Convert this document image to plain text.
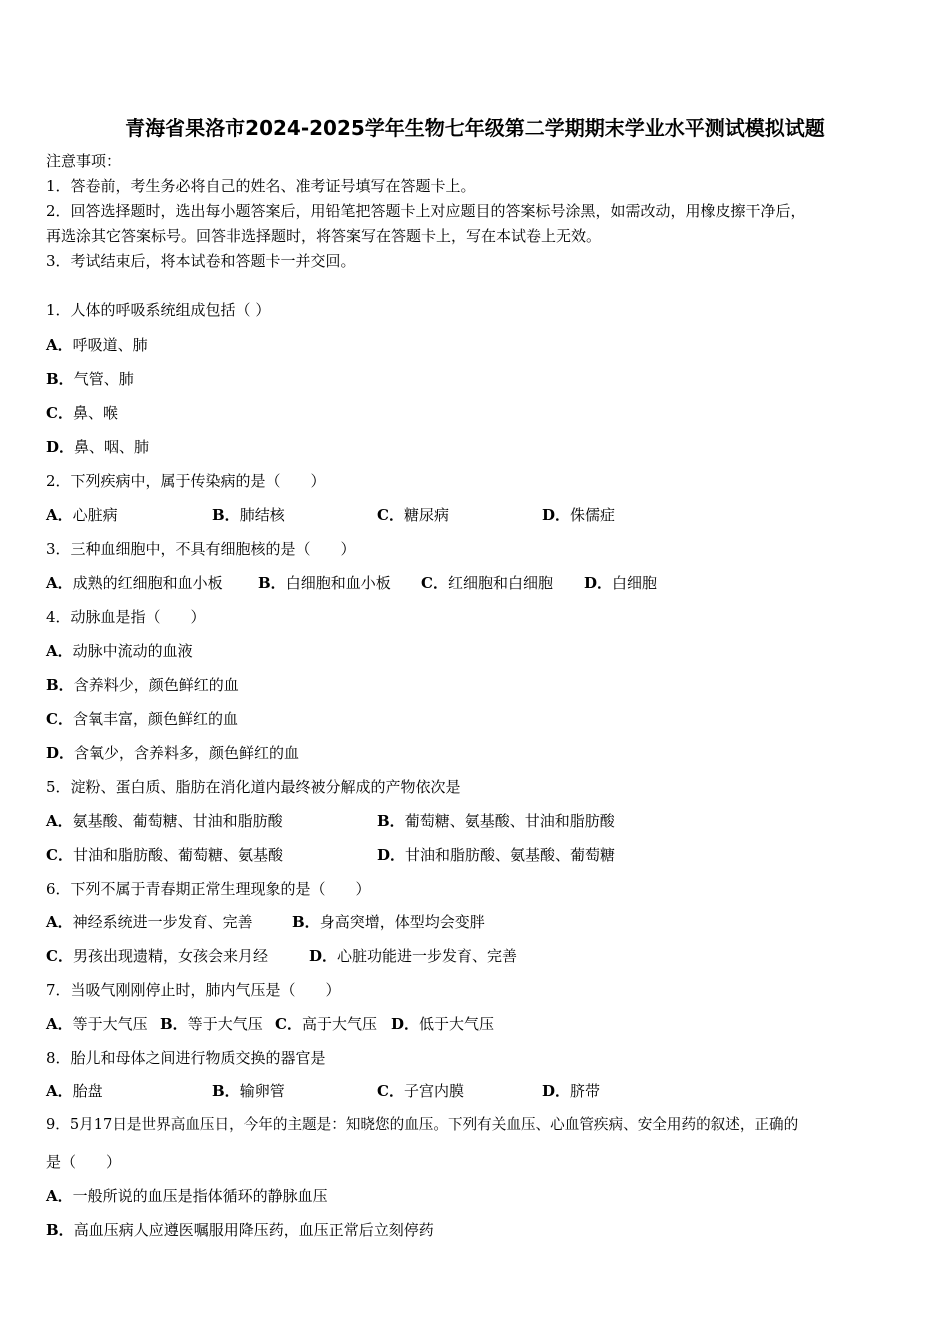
青海省果洛市2024-2025学年生物七年级第二学期期末学业水平测试模拟试题
注意事项：
1．答卷前，考生务必将自己的姓名、准考证号填写在答题卡上。
2．回答选择题时，选出每小题答案后，用铅笔把答题卡上对应题目的答案标号涂黑，如需改动，用橡皮擦干净后，
再选涂其它答案标号。回答非选择题时，将答案写在答题卡上，写在本试卷上无效。
3．考试结束后，将本试卷和答题卡一并交回。
1．人体的呼吸系统组成包括（ ）
A．呼吸道、肺
B．气管、肺
C．鼻、喉
D．鼻、咽、肺
2．下列疾病中，属于传染病的是（　　）
A．心脏病	B．肺结核	C．糖尿病	D．侏儒症
3．三种血细胞中，不具有细胞核的是（　　）
A．成熟的红细胞和血小板 B．白细胞和血小板 C．红细胞和白细胞 D．白细胞
4．动脉血是指（　　）
A．动脉中流动的血液
B．含养料少，颜色鲜红的血
C．含氧丰富，颜色鲜红的血
D．含氧少，含养料多，颜色鲜红的血
5．淀粉、蛋白质、脂肪在消化道内最终被分解成的产物依次是
A．氨基酸、葡萄糖、甘油和脂肪酸	B．葡萄糖、氨基酸、甘油和脂肪酸
C．甘油和脂肪酸、葡萄糖、氨基酸	D．甘油和脂肪酸、氨基酸、葡萄糖
6．下列不属于青春期正常生理现象的是（　　）
A．神经系统进一步发育、完善	B．身高突增，体型均会变胖
C．男孩出现遗精，女孩会来月经	D．心脏功能进一步发育、完善
7．当吸气刚刚停止时，肺内气压是（　　）
A．等于大气压 B．等于大气压 C．高于大气压 D．低于大气压
8．胎儿和母体之间进行物质交换的器官是
A．胎盘	B．输卵管	C．子宫内膜	D．脐带
9．5月17日是世界高血压日，今年的主题是：知晓您的血压。下列有关血压、心血管疾病、安全用药的叙述，正确的
是（　　）
A．一般所说的血压是指体循环的静脉血压
B．高血压病人应遵医嘱服用降压药，血压正常后立刻停药
